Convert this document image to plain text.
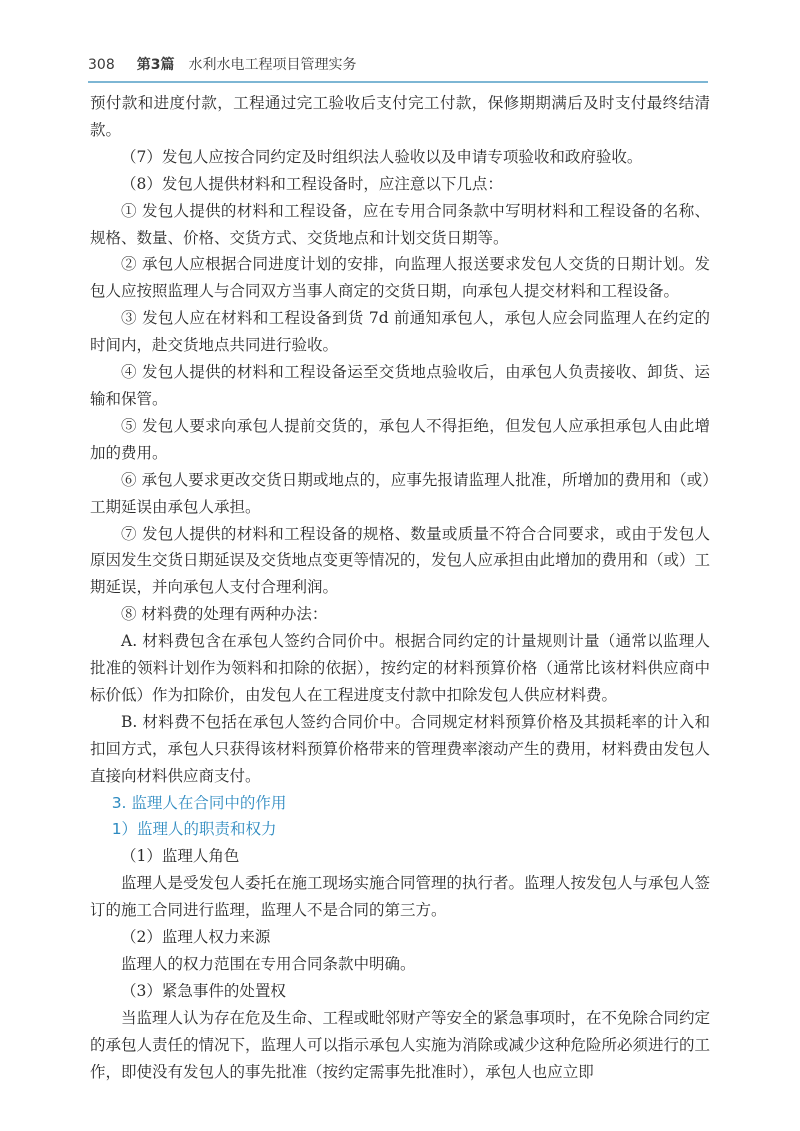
308 第3篇 水利水电工程项目管理实务

预付款和进度付款，工程通过完工验收后支付完工付款，保修期期满后及时支付最终结清款。

（7）发包人应按合同约定及时组织法人验收以及申请专项验收和政府验收。

（8）发包人提供材料和工程设备时，应注意以下几点：

① 发包人提供的材料和工程设备，应在专用合同条款中写明材料和工程设备的名称、规格、数量、价格、交货方式、交货地点和计划交货日期等。

② 承包人应根据合同进度计划的安排，向监理人报送要求发包人交货的日期计划。发包人应按照监理人与合同双方当事人商定的交货日期，向承包人提交材料和工程设备。

③ 发包人应在材料和工程设备到货 7d 前通知承包人，承包人应会同监理人在约定的时间内，赴交货地点共同进行验收。

④ 发包人提供的材料和工程设备运至交货地点验收后，由承包人负责接收、卸货、运输和保管。

⑤ 发包人要求向承包人提前交货的，承包人不得拒绝，但发包人应承担承包人由此增加的费用。

⑥ 承包人要求更改交货日期或地点的，应事先报请监理人批准，所增加的费用和（或）工期延误由承包人承担。

⑦ 发包人提供的材料和工程设备的规格、数量或质量不符合合同要求，或由于发包人原因发生交货日期延误及交货地点变更等情况的，发包人应承担由此增加的费用和（或）工期延误，并向承包人支付合理利润。

⑧ 材料费的处理有两种办法：

A. 材料费包含在承包人签约合同价中。根据合同约定的计量规则计量（通常以监理人批准的领料计划作为领料和扣除的依据），按约定的材料预算价格（通常比该材料供应商中标价低）作为扣除价，由发包人在工程进度支付款中扣除发包人供应材料费。

B. 材料费不包括在承包人签约合同价中。合同规定材料预算价格及其损耗率的计入和扣回方式，承包人只获得该材料预算价格带来的管理费率滚动产生的费用，材料费由发包人直接向材料供应商支付。

3. 监理人在合同中的作用

1）监理人的职责和权力

（1）监理人角色

监理人是受发包人委托在施工现场实施合同管理的执行者。监理人按发包人与承包人签订的施工合同进行监理，监理人不是合同的第三方。

（2）监理人权力来源

监理人的权力范围在专用合同条款中明确。

（3）紧急事件的处置权

当监理人认为存在危及生命、工程或毗邻财产等安全的紧急事项时，在不免除合同约定的承包人责任的情况下，监理人可以指示承包人实施为消除或减少这种危险所必须进行的工作，即使没有发包人的事先批准（按约定需事先批准时），承包人也应立即
